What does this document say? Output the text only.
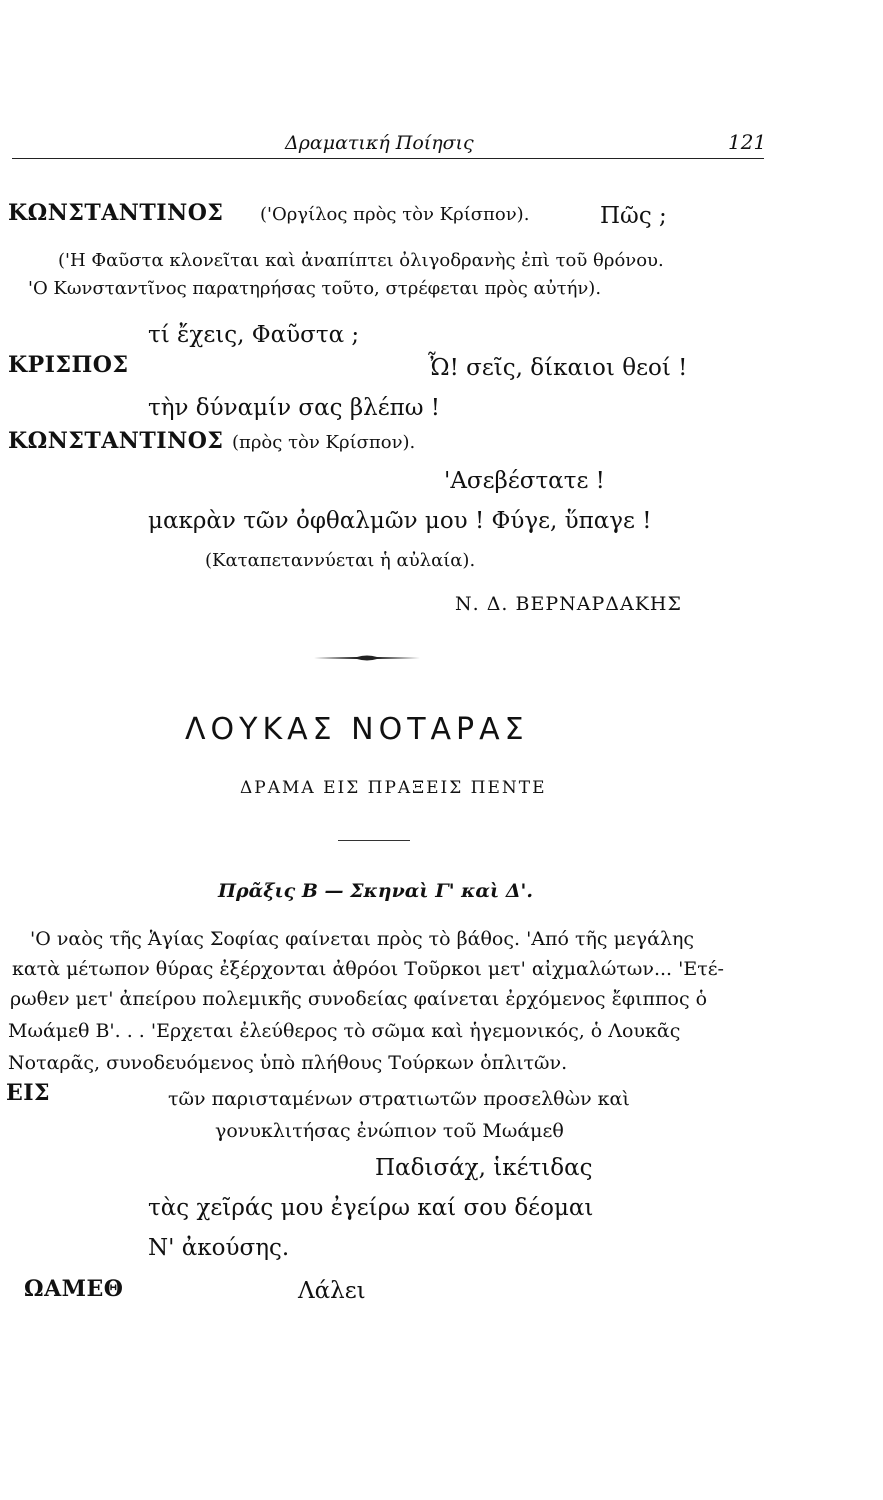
Δραματική Ποίησις	121
ΚΩΝΣΤΑΝΤΙΝΟΣ ('Οργίλος πρὸς τὸν Κρίσπον).	Πῶς ;
('Η Φαῦστα κλονεῖται καὶ ἀναπίπτει ὀλιγοδρανὴς ἐπὶ τοῦ θρόνου.
'Ο Κωνσταντῖνος παρατηρήσας τοῦτο, στρέφεται πρὸς αὐτήν).
τί ἔχεις, Φαῦστα ;
ΚΡΙΣΠΟΣ	Ὦ! σεῖς, δίκαιοι θεοί !
τὴν δύναμίν σας βλέπω !
ΚΩΝΣΤΑΝΤΙΝΟΣ (πρὸς τὸν Κρίσπον).
'Ασεβέστατε !
μακρὰν τῶν ὀφθαλμῶν μου ! Φύγε, ὕπαγε !
(Καταπεταννύεται ἡ αὐλαία).
Ν. Δ. ΒΕΡΝΑΡΔΑΚΗΣ
ΛΟΥΚΑΣ ΝΟΤΑΡΑΣ
ΔΡΑΜΑ ΕΙΣ ΠΡΑΞΕΙΣ ΠΕΝΤΕ
Πρᾶξις Β — Σκηναὶ Γ' καὶ Δ'.
'Ο ναὸς τῆς Ἁγίας Σοφίας φαίνεται πρὸς τὸ βάθος. 'Από τῆς μεγάλης
κατὰ μέτωπον θύρας ἐξέρχονται ἀθρόοι Τοῦρκοι μετ' αἰχμαλώτων... 'Ετέ-
ρωθεν μετ' ἀπείρου πολεμικῆς συνοδείας φαίνεται ἐρχόμενος ἔφιππος ὁ
Μωάμεθ Β'. . . 'Ερχεται ἐλεύθερος τὸ σῶμα καὶ ἡγεμονικός, ὁ Λουκᾶς
Νοταρᾶς, συνοδευόμενος ὑπὸ πλήθους Τούρκων ὁπλιτῶν.
ΕΙΣ	τῶν παρισταμένων στρατιωτῶν προσελθὼν καὶ
γονυκλιτήσας ἐνώπιον τοῦ Μωάμεθ
Παδισάχ, ἱκέτιδας
τὰς χεῖράς μου ἐγείρω καί σου δέομαι
Ν' ἀκούσης.
ΩΑΜΕΘ	Λάλει
